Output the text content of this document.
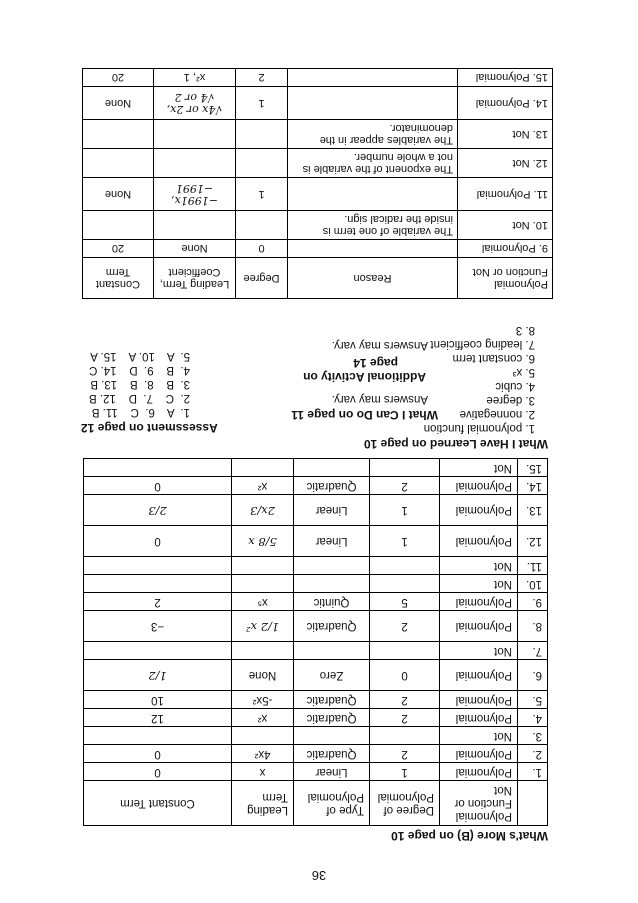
36
What's More (B) on page 10
	Polynomial Function or Not	Degree of Polynomial	Type of Polynomial	Leading Term	Constant Term
1.	Polynomial	1	Linear	x	0
2.	Polynomial	2	Quadratic	4x²	0
3.	Not				
4.	Polynomial	2	Quadratic	x²	12
5.	Polynomial	2	Quadratic	-5x²	10
6.	Polynomial	0	Zero	None	1/2
7.	Not				
8.	Polynomial	2	Quadratic	1/2 x²	−3
9.	Polynomial	5	Quintic	x⁵	2
10.	Not				
11.	Not				
12.	Polynomial	1	Linear	5/8 x	0
13.	Polynomial	1	Linear	2x/3	2/3
14.	Polynomial	2	Quadratic	x²	0
15.	Not				
What I Have Learned on page 10
1. polynomial function
2. nonnegative
3. degree
4. cubic
5. x³
6. constant term
7. leading coefficient
8. 3
Assessment on page 12
What I Can Do on page 11
Answers may vary.
Additional Activity on
page 14
Answers may vary.
1.  A    6.  C    11. B
2.  C    7.  D    12. B
3.  B    8.  B    13. B
4.  B    9.  D    14. C
5.  A    10. A    15. A
Polynomial Function or Not	Reason	Degree	Leading Term, Coefficient	Constant Term
9. Polynomial		0	None	20
10. Not	The variable of one term is inside the radical sign.			
11. Polynomial		1	−1991x, −1991	None
12. Not	The exponent of the variable is not a whole number.			
13. Not	The variables appear in the denominator.			
14. Polynomial		1	√4x or 2x, √4 or 2	None
15. Polynomial		2	x², 1	20
